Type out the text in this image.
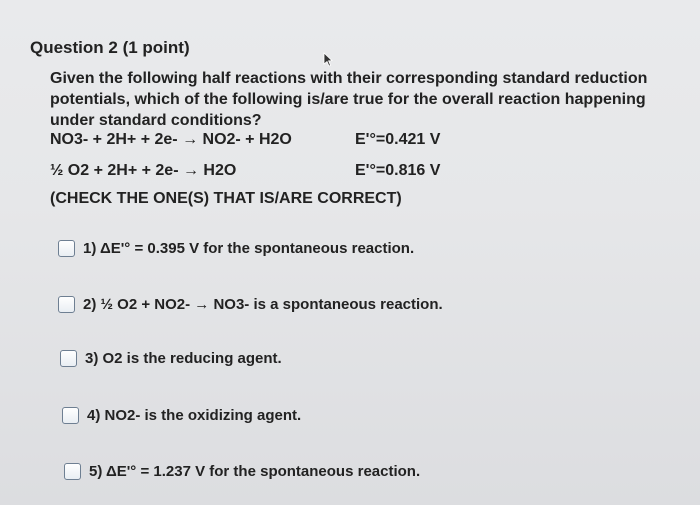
Question 2 (1 point)
Given the following half reactions with their corresponding standard reduction potentials, which of the following is/are true for the overall reaction happening under standard conditions?
NO3- + 2H+ + 2e- → NO2- + H2O	E'°=0.421 V
½ O2 + 2H+ + 2e- → H2O	E'°=0.816 V
(CHECK THE ONE(S) THAT IS/ARE CORRECT)
1) ΔE'° = 0.395 V for the spontaneous reaction.
2) ½ O2 + NO2- → NO3- is a spontaneous reaction.
3) O2 is the reducing agent.
4) NO2- is the oxidizing agent.
5) ΔE'° = 1.237 V for the spontaneous reaction.
